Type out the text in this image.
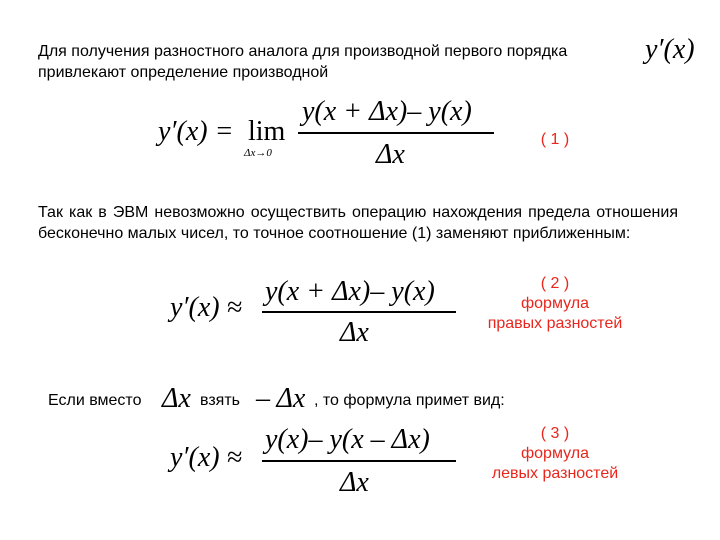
Для получения разностного аналога для производной первого порядка
привлекают определение производной
y′(x)
y′(x) = lim
Δx→0
y(x + Δx)– y(x)
Δx	( 1 )
Так как в ЭВМ невозможно осуществить операцию нахождения предела отношения бесконечно малых чисел, то точное соотношение (1) заменяют приближенным:
y′(x) ≈
y(x + Δx)– y(x)
Δx
( 2 )
формула
правых разностей
Если вместо Δx взять – Δx , то формула примет вид:
y′(x) ≈
y(x)– y(x – Δx)
Δx
( 3 )
формула
левых разностей
